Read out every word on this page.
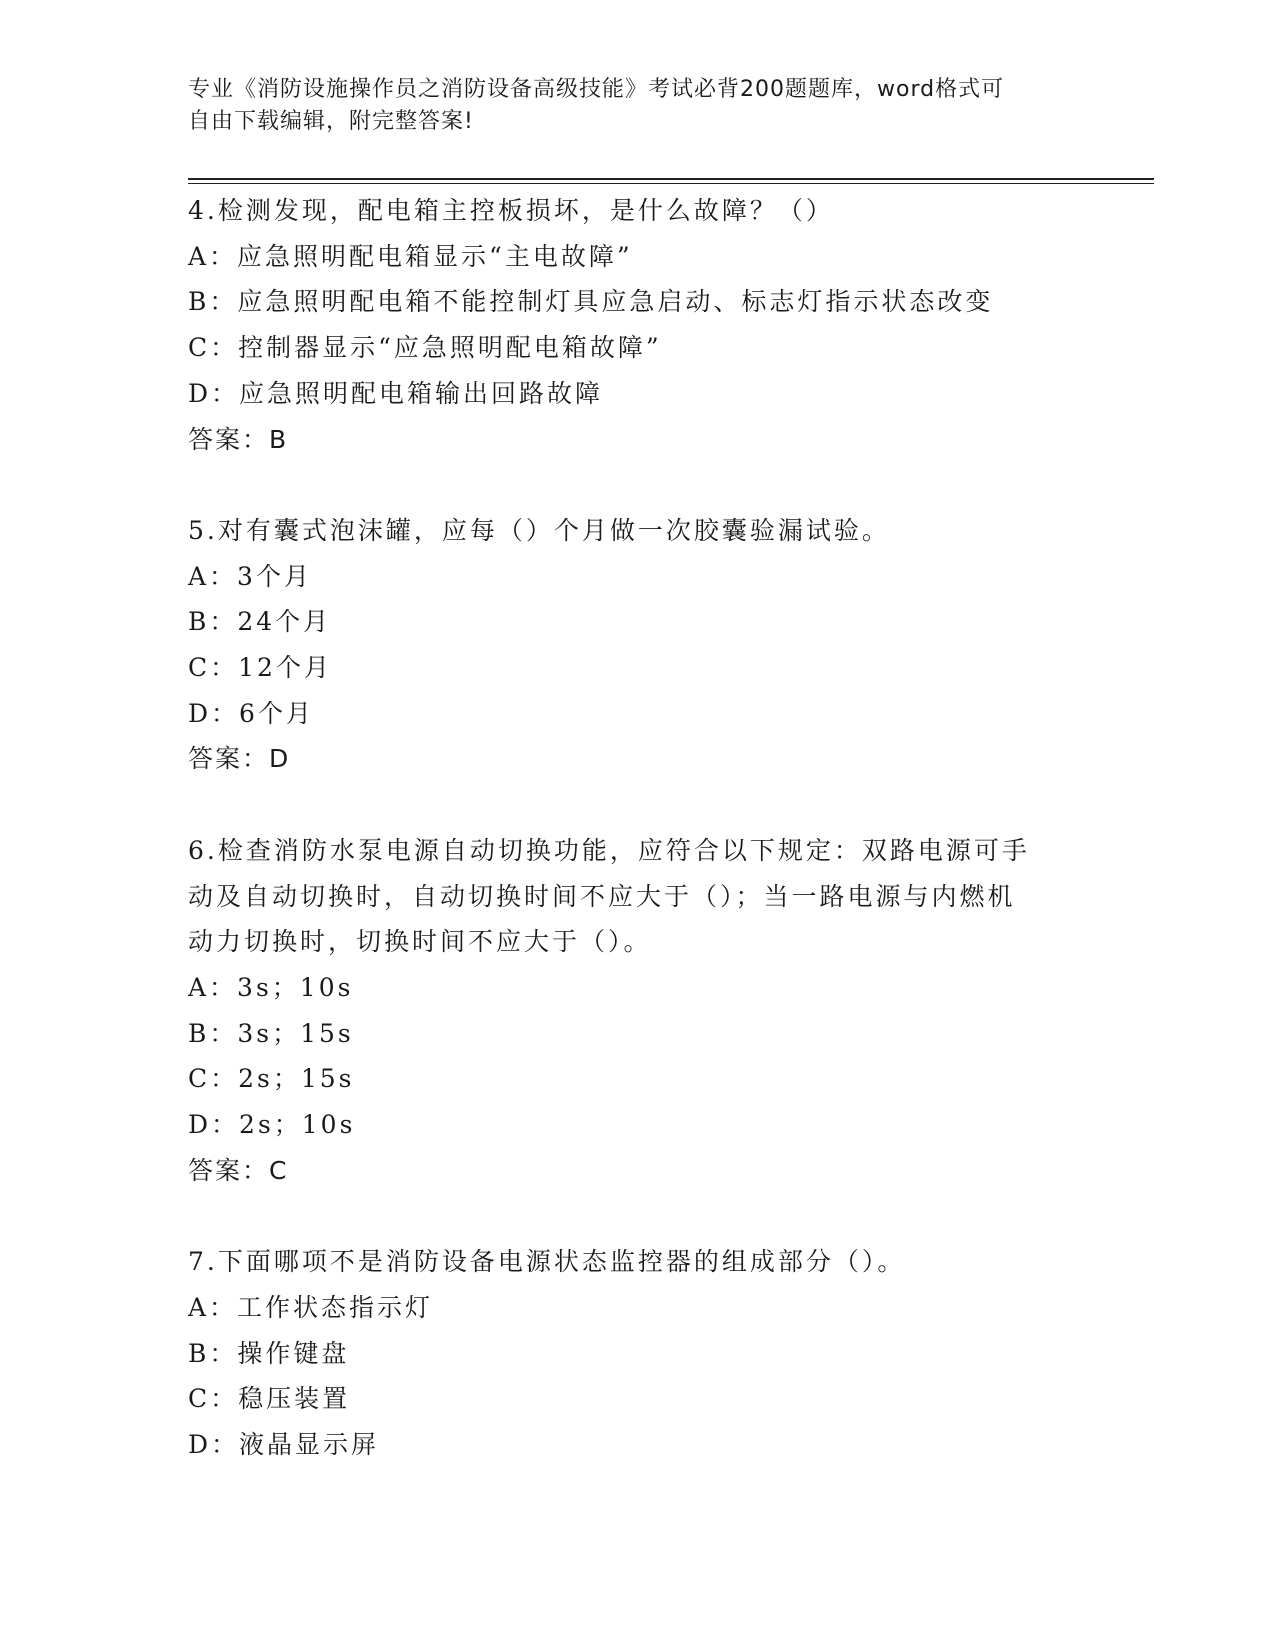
专业《消防设施操作员之消防设备高级技能》考试必背200题题库，word格式可
自由下载编辑，附完整答案!
4.检测发现，配电箱主控板损坏，是什么故障？（）
A：应急照明配电箱显示“主电故障”
B：应急照明配电箱不能控制灯具应急启动、标志灯指示状态改变
C：控制器显示“应急照明配电箱故障”
D：应急照明配电箱输出回路故障
答案：B
5.对有囊式泡沫罐，应每（）个月做一次胶囊验漏试验。
A：3个月
B：24个月
C：12个月
D：6个月
答案：D
6.检查消防水泵电源自动切换功能，应符合以下规定：双路电源可手
动及自动切换时，自动切换时间不应大于（）；当一路电源与内燃机
动力切换时，切换时间不应大于（）。
A：3s；10s
B：3s；15s
C：2s；15s
D：2s；10s
答案：C
7.下面哪项不是消防设备电源状态监控器的组成部分（）。
A：工作状态指示灯
B：操作键盘
C：稳压装置
D：液晶显示屏
